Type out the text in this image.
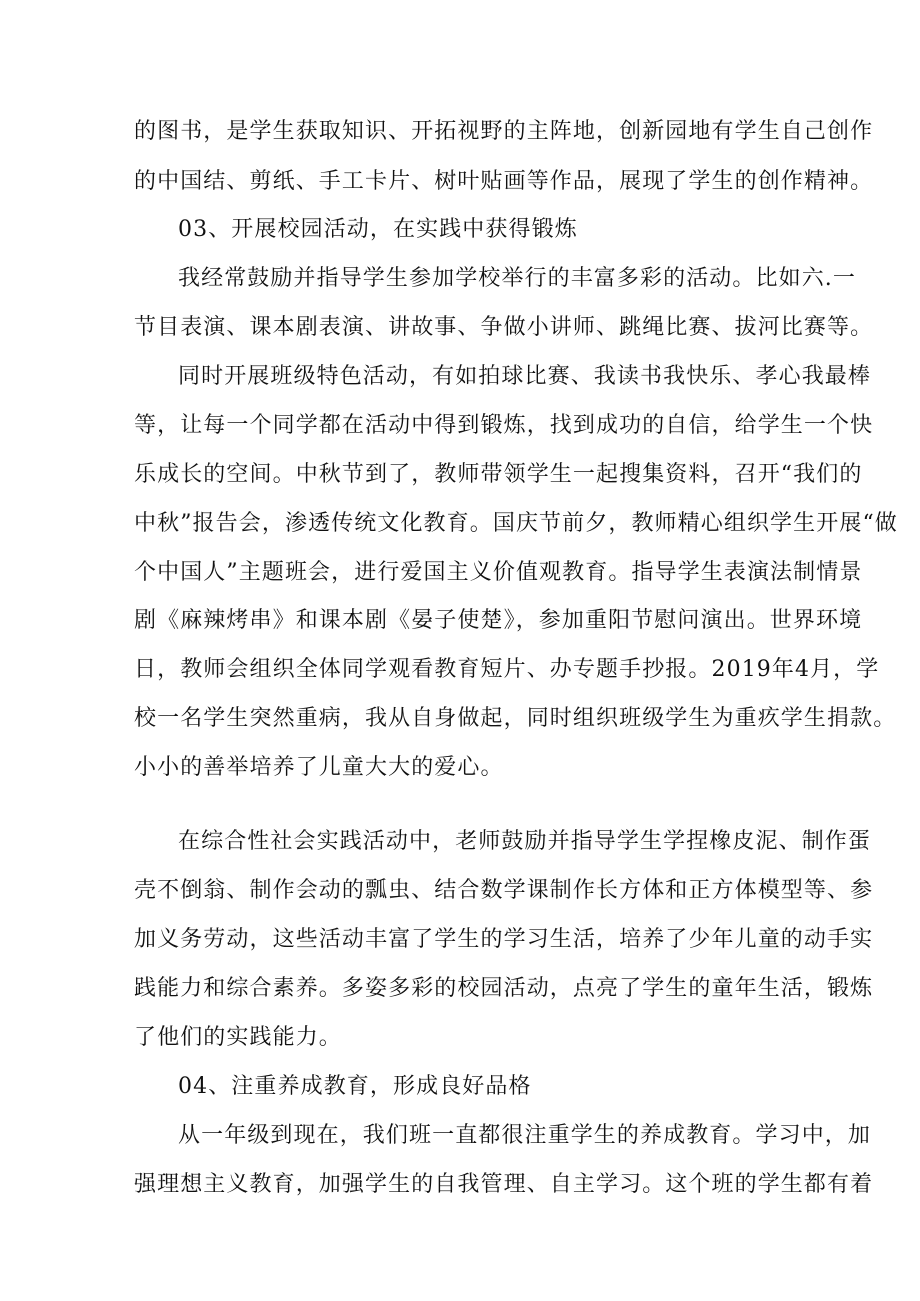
的图书，是学生获取知识、开拓视野的主阵地，创新园地有学生自己创作
的中国结、剪纸、手工卡片、树叶贴画等作品，展现了学生的创作精神。
03、开展校园活动，在实践中获得锻炼
我经常鼓励并指导学生参加学校举行的丰富多彩的活动。比如六.一
节目表演、课本剧表演、讲故事、争做小讲师、跳绳比赛、拔河比赛等。
同时开展班级特色活动，有如拍球比赛、我读书我快乐、孝心我最棒
等，让每一个同学都在活动中得到锻炼，找到成功的自信，给学生一个快
乐成长的空间。中秋节到了，教师带领学生一起搜集资料，召开“我们的
中秋”报告会，渗透传统文化教育。国庆节前夕，教师精心组织学生开展“做
个中国人”主题班会，进行爱国主义价值观教育。指导学生表演法制情景
剧《麻辣烤串》和课本剧《晏子使楚》，参加重阳节慰问演出。世界环境
日，教师会组织全体同学观看教育短片、办专题手抄报。2019年4月，学
校一名学生突然重病，我从自身做起，同时组织班级学生为重疚学生捐款。
小小的善举培养了儿童大大的爱心。
在综合性社会实践活动中，老师鼓励并指导学生学捏橡皮泥、制作蛋
壳不倒翁、制作会动的瓢虫、结合数学课制作长方体和正方体模型等、参
加义务劳动，这些活动丰富了学生的学习生活，培养了少年儿童的动手实
践能力和综合素养。多姿多彩的校园活动，点亮了学生的童年生活，锻炼
了他们的实践能力。
04、注重养成教育，形成良好品格
从一年级到现在，我们班一直都很注重学生的养成教育。学习中，加
强理想主义教育，加强学生的自我管理、自主学习。这个班的学生都有着
